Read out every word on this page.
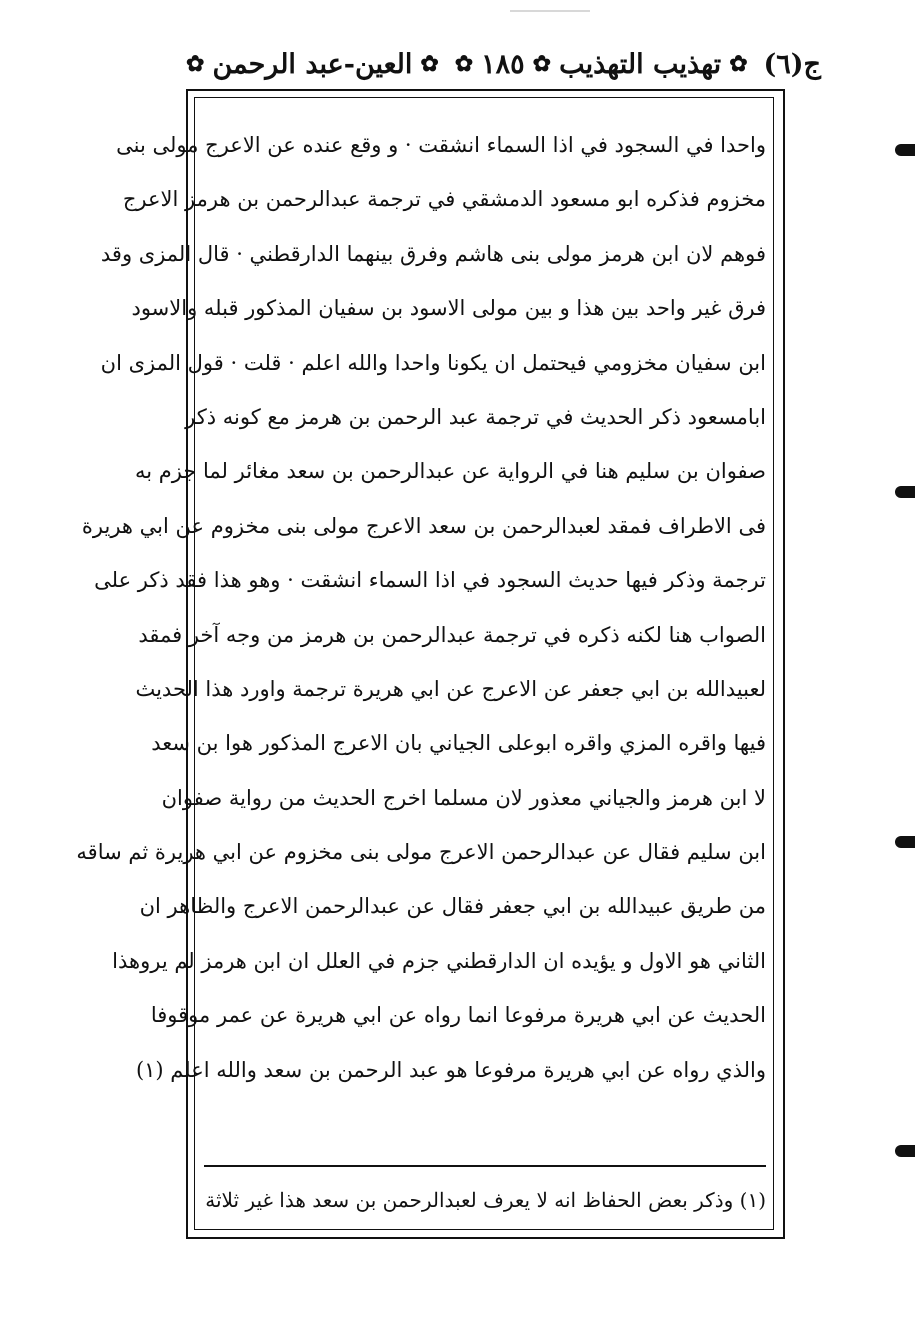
ج(٦)
✿
تهذيب التهذيب
✿
١٨٥
✿
✿
العين-عبد الرحمن
✿
واحدا في السجود في اذا السماء انشقت · و وقع عنده عن الاعرج مولى بنى
مخزوم فذكره ابو مسعود الدمشقي في ترجمة عبدالرحمن بن هرمز الاعرج
فوهم لان ابن هرمز مولى بنى هاشم وفرق بينهما الدارقطني · قال المزى وقد
فرق غير واحد بين هذا و بين مولى الاسود بن سفيان المذكور قبله والاسود
ابن سفيان مخزومي فيحتمل ان يكونا واحدا والله اعلم · قلت · قول المزى ان
ابامسعود ذكر الحديث في ترجمة عبد الرحمن بن هرمز مع كونه ذكر
صفوان بن سليم هنا في الرواية عن عبدالرحمن بن سعد مغائر لما جزم به
فى الاطراف فمقد لعبدالرحمن بن سعد الاعرج مولى بنى مخزوم عن ابي هريرة
ترجمة وذكر فيها حديث السجود في اذا السماء انشقت · وهو هذا فقد ذكر على
الصواب هنا لكنه ذكره في ترجمة عبدالرحمن بن هرمز من وجه آخر فمقد
لعبيدالله بن ابي جعفر عن الاعرج عن ابي هريرة ترجمة واورد هذا الحديث
فيها واقره المزي واقره ابوعلى الجياني بان الاعرج المذكور هوا بن سعد
لا ابن هرمز والجياني معذور لان مسلما اخرج الحديث من رواية صفوان
ابن سليم فقال عن عبدالرحمن الاعرج مولى بنى مخزوم عن ابي هريرة ثم ساقه
من طريق عبيدالله بن ابي جعفر فقال عن عبدالرحمن الاعرج والظاهر ان
الثاني هو الاول و يؤيده ان الدارقطني جزم في العلل ان ابن هرمز لم يروهذا
الحديث عن ابي هريرة مرفوعا انما رواه عن ابي هريرة عن عمر موقوفا
والذي رواه عن ابي هريرة مرفوعا هو عبد الرحمن بن سعد والله اعلم (١)
(١) وذكر بعض الحفاظ انه لا يعرف لعبدالرحمن بن سعد هذا غير ثلاثة
